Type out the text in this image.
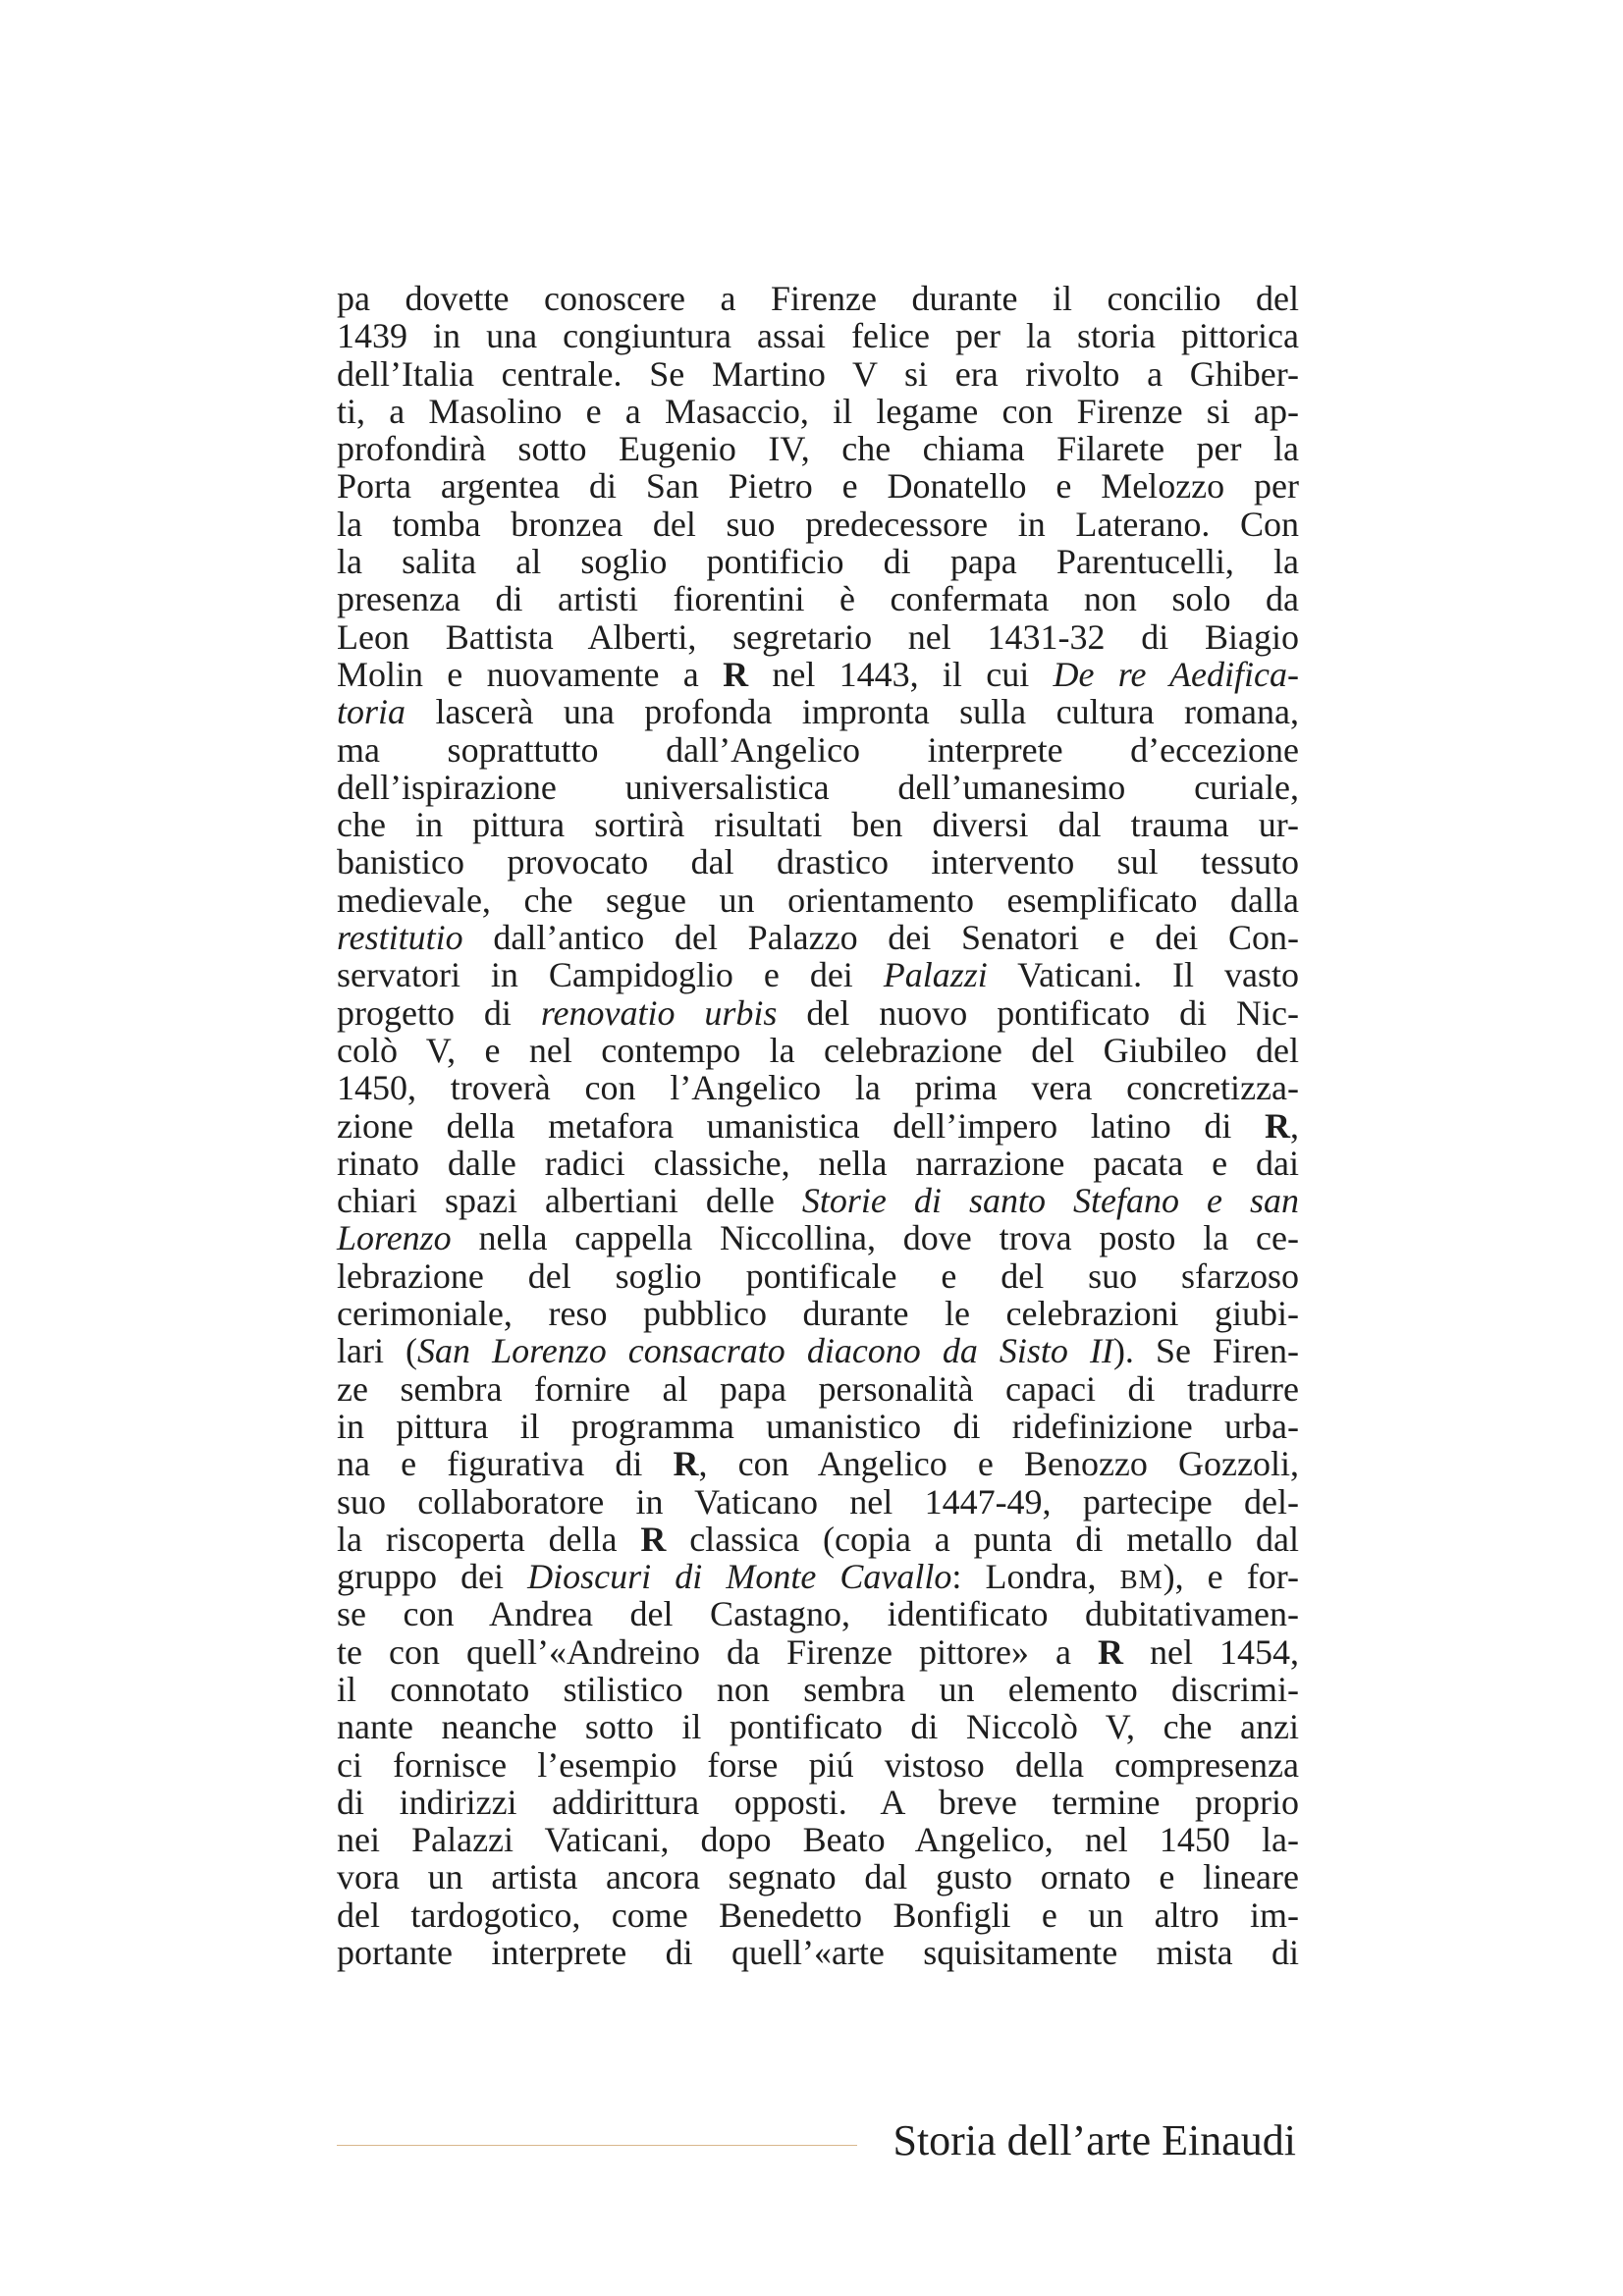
pa dovette conoscere a Firenze durante il concilio del
1439 in una congiuntura assai felice per la storia pittorica
dell’Italia centrale. Se Martino V si era rivolto a Ghiber-
ti, a Masolino e a Masaccio, il legame con Firenze si ap-
profondirà sotto Eugenio IV, che chiama Filarete per la
Porta argentea di San Pietro e Donatello e Melozzo per
la tomba bronzea del suo predecessore in Laterano. Con
la salita al soglio pontificio di papa Parentucelli, la
presenza di artisti fiorentini è confermata non solo da
Leon Battista Alberti, segretario nel 1431-32 di Biagio
Molin e nuovamente a R nel 1443, il cui De re Aedifica-
toria lascerà una profonda impronta sulla cultura romana,
ma soprattutto dall’Angelico interprete d’eccezione
dell’ispirazione universalistica dell’umanesimo curiale,
che in pittura sortirà risultati ben diversi dal trauma ur-
banistico provocato dal drastico intervento sul tessuto
medievale, che segue un orientamento esemplificato dalla
restitutio dall’antico del Palazzo dei Senatori e dei Con-
servatori in Campidoglio e dei Palazzi Vaticani. Il vasto
progetto di renovatio urbis del nuovo pontificato di Nic-
colò V, e nel contempo la celebrazione del Giubileo del
1450, troverà con l’Angelico la prima vera concretizza-
zione della metafora umanistica dell’impero latino di R,
rinato dalle radici classiche, nella narrazione pacata e dai
chiari spazi albertiani delle Storie di santo Stefano e san
Lorenzo nella cappella Niccollina, dove trova posto la ce-
lebrazione del soglio pontificale e del suo sfarzoso
cerimoniale, reso pubblico durante le celebrazioni giubi-
lari (San Lorenzo consacrato diacono da Sisto II). Se Firen-
ze sembra fornire al papa personalità capaci di tradurre
in pittura il programma umanistico di ridefinizione urba-
na e figurativa di R, con Angelico e Benozzo Gozzoli,
suo collaboratore in Vaticano nel 1447-49, partecipe del-
la riscoperta della R classica (copia a punta di metallo dal
gruppo dei Dioscuri di Monte Cavallo: Londra, BM), e for-
se con Andrea del Castagno, identificato dubitativamen-
te con quell’«Andreino da Firenze pittore» a R nel 1454,
il connotato stilistico non sembra un elemento discrimi-
nante neanche sotto il pontificato di Niccolò V, che anzi
ci fornisce l’esempio forse piú vistoso della compresenza
di indirizzi addirittura opposti. A breve termine proprio
nei Palazzi Vaticani, dopo Beato Angelico, nel 1450 la-
vora un artista ancora segnato dal gusto ornato e lineare
del tardogotico, come Benedetto Bonfigli e un altro im-
portante interprete di quell’«arte squisitamente mista di
Storia dell’arte Einaudi
